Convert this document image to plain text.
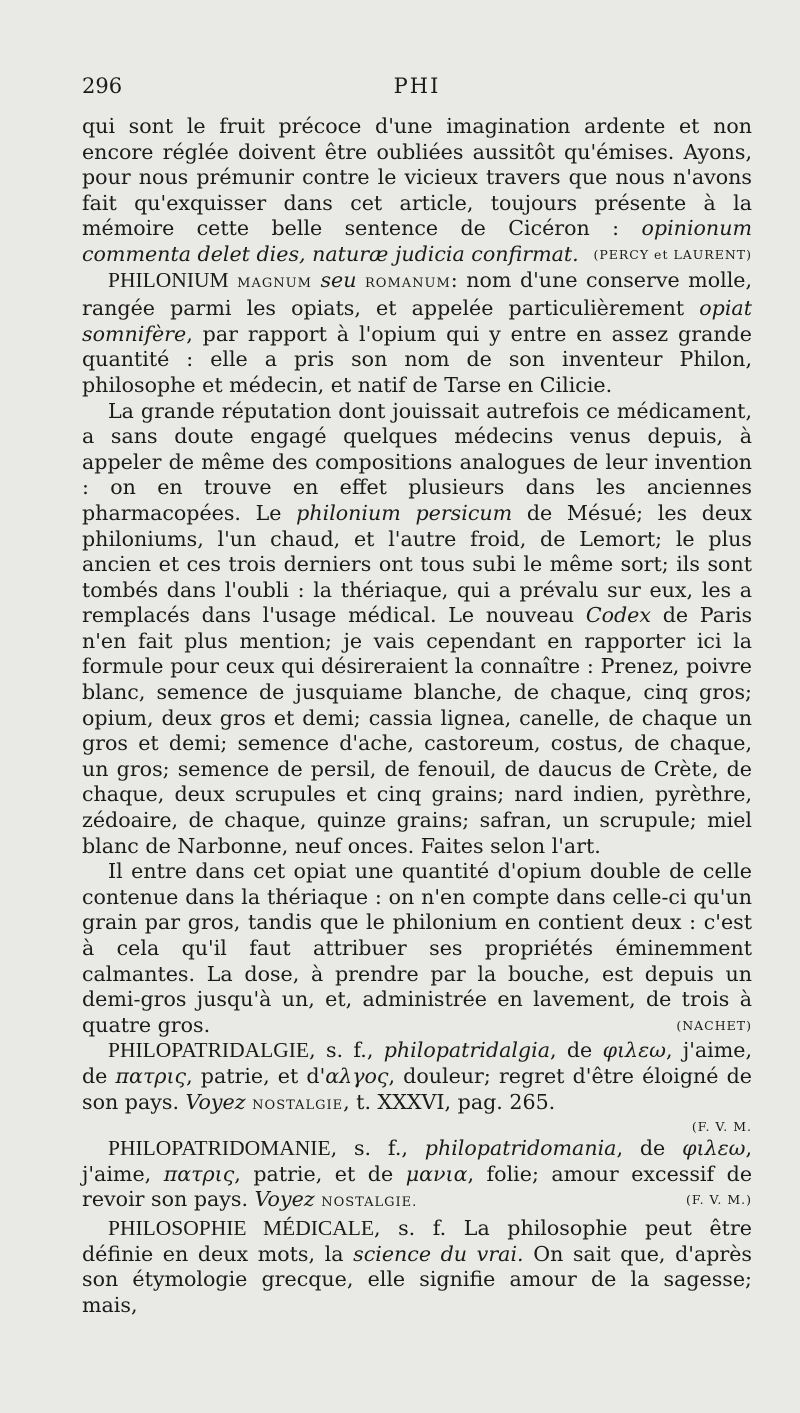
296	PHI

qui sont le fruit précoce d'une imagination ardente et non encore réglée doivent être oubliées aussitôt qu'émises. Ayons, pour nous prémunir contre le vicieux travers que nous n'avons fait qu'exquisser dans cet article, toujours présente à la mémoire cette belle sentence de Cicéron : opinionum commenta delet dies, naturæ judicia confirmat. (PERCY et LAURENT)

PHILONIUM MAGNUM seu ROMANUM: nom d'une conserve molle, rangée parmi les opiats, et appelée particulièrement opiat somnifère, par rapport à l'opium qui y entre en assez grande quantité : elle a pris son nom de son inventeur Philon, philosophe et médecin, et natif de Tarse en Cilicie.

La grande réputation dont jouissait autrefois ce médicament, a sans doute engagé quelques médecins venus depuis, à appeler de même des compositions analogues de leur invention : on en trouve en effet plusieurs dans les anciennes pharmacopées. Le philonium persicum de Mésué; les deux philoniums, l'un chaud, et l'autre froid, de Lemort; le plus ancien et ces trois derniers ont tous subi le même sort; ils sont tombés dans l'oubli : la thériaque, qui a prévalu sur eux, les a remplacés dans l'usage médical. Le nouveau Codex de Paris n'en fait plus mention; je vais cependant en rapporter ici la formule pour ceux qui désireraient la connaître : Prenez, poivre blanc, semence de jusquiame blanche, de chaque, cinq gros; opium, deux gros et demi; cassia lignea, canelle, de chaque un gros et demi; semence d'ache, castoreum, costus, de chaque, un gros; semence de persil, de fenouil, de daucus de Crète, de chaque, deux scrupules et cinq grains; nard indien, pyrèthre, zédoaire, de chaque, quinze grains; safran, un scrupule; miel blanc de Narbonne, neuf onces. Faites selon l'art.

Il entre dans cet opiat une quantité d'opium double de celle contenue dans la thériaque : on n'en compte dans celle-ci qu'un grain par gros, tandis que le philonium en contient deux : c'est à cela qu'il faut attribuer ses propriétés éminemment calmantes. La dose, à prendre par la bouche, est depuis un demi-gros jusqu'à un, et, administrée en lavement, de trois à quatre gros.	(NACHET)

PHILOPATRIDALGIE, s. f., philopatridalgia, de φιλεω, j'aime, de πατρις, patrie, et d'αλγος, douleur; regret d'être éloigné de son pays. Voyez NOSTALGIE, t. XXXVI, pag. 265.

(F. V. M.

PHILOPATRIDOMANIE, s. f., philopatridomania, de φιλεω, j'aime, πατρις, patrie, et de μανια, folie; amour excessif de revoir son pays. Voyez NOSTALGIE.	(F. V. M.)

PHILOSOPHIE MÉDICALE, s. f. La philosophie peut être définie en deux mots, la science du vrai. On sait que, d'après son étymologie grecque, elle signifie amour de la sagesse; mais,
